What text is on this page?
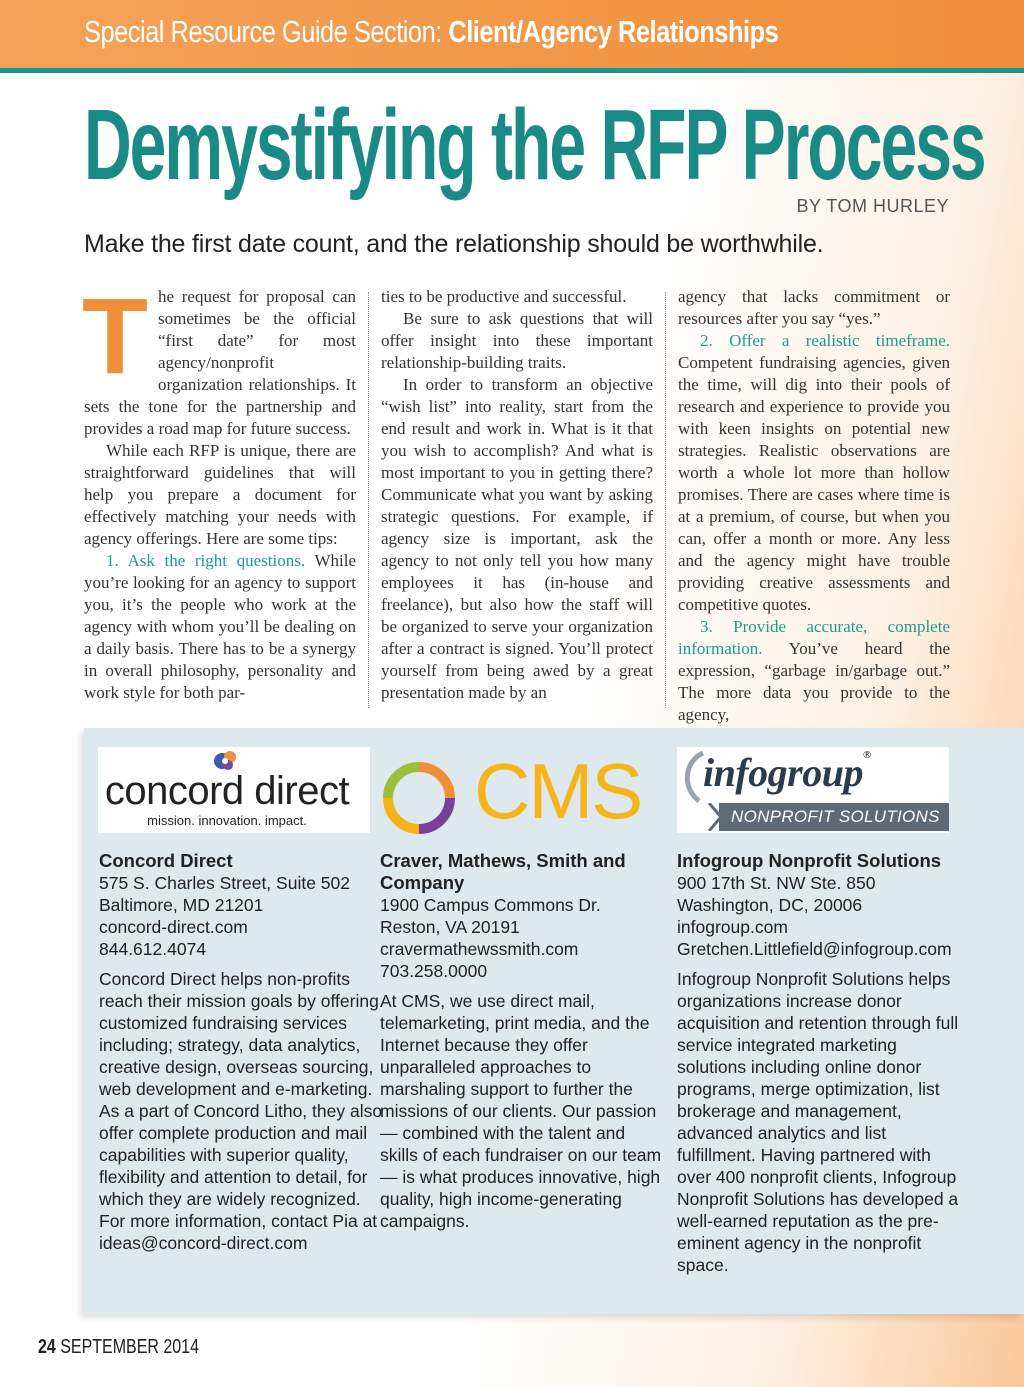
Special Resource Guide Section: Client/Agency Relationships
Demystifying the RFP Process
BY TOM HURLEY
Make the first date count, and the relationship should be worthwhile.
T he request for proposal can sometimes be the official “first date” for most agency/nonprofit organization relationships. It sets the tone for the partnership and provides a road map for future success.

While each RFP is unique, there are straightforward guidelines that will help you prepare a document for effectively matching your needs with agency offerings. Here are some tips:

1. Ask the right questions. While you’re looking for an agency to support you, it’s the people who work at the agency with whom you’ll be dealing on a daily basis. There has to be a synergy in overall philosophy, personality and work style for both par-

ties to be productive and successful.

Be sure to ask questions that will offer insight into these important relationship-building traits.

In order to transform an objective “wish list” into reality, start from the end result and work in. What is it that you wish to accomplish? And what is most important to you in getting there? Communicate what you want by asking strategic questions. For example, if agency size is important, ask the agency to not only tell you how many employees it has (in-house and freelance), but also how the staff will be organized to serve your organization after a contract is signed. You’ll protect yourself from being awed by a great presentation made by an

agency that lacks commitment or resources after you say “yes.”

2. Offer a realistic timeframe. Competent fundraising agencies, given the time, will dig into their pools of research and experience to provide you with keen insights on potential new strategies. Realistic observations are worth a whole lot more than hollow promises. There are cases where time is at a premium, of course, but when you can, offer a month or more. Any less and the agency might have trouble providing creative assessments and competitive quotes.

3. Provide accurate, complete information. You’ve heard the expression, “garbage in/garbage out.” The more data you provide to the agency,

concord direct
mission. innovation. impact.	CMS infogroup®
NONPROFIT SOLUTIONS
Concord Direct
575 S. Charles Street, Suite 502
Baltimore, MD 21201
concord-direct.com
844.612.4074
Concord Direct helps non-profits reach their mission goals by offering customized fundraising services including; strategy, data analytics, creative design, overseas sourcing, web development and e-marketing. As a part of Concord Litho, they also offer complete production and mail capabilities with superior quality, flexibility and attention to detail, for which they are widely recognized. For more information, contact Pia at ideas@concord-direct.com
Craver, Mathews, Smith and Company
1900 Campus Commons Dr.
Reston, VA 20191
cravermathewssmith.com
703.258.0000
At CMS, we use direct mail, telemarketing, print media, and the Internet because they offer unparalleled approaches to marshaling support to further the missions of our clients. Our passion — combined with the talent and skills of each fundraiser on our team — is what produces innovative, high quality, high income-generating campaigns.
Infogroup Nonprofit Solutions
900 17th St. NW Ste. 850
Washington, DC, 20006
infogroup.com
Gretchen.Littlefield@infogroup.com
Infogroup Nonprofit Solutions helps organizations increase donor acquisition and retention through full service integrated marketing solutions including online donor programs, merge optimization, list brokerage and management, advanced analytics and list fulfillment. Having partnered with over 400 nonprofit clients, Infogroup Nonprofit Solutions has developed a well-earned reputation as the pre-eminent agency in the nonprofit space.
24 SEPTEMBER 2014
